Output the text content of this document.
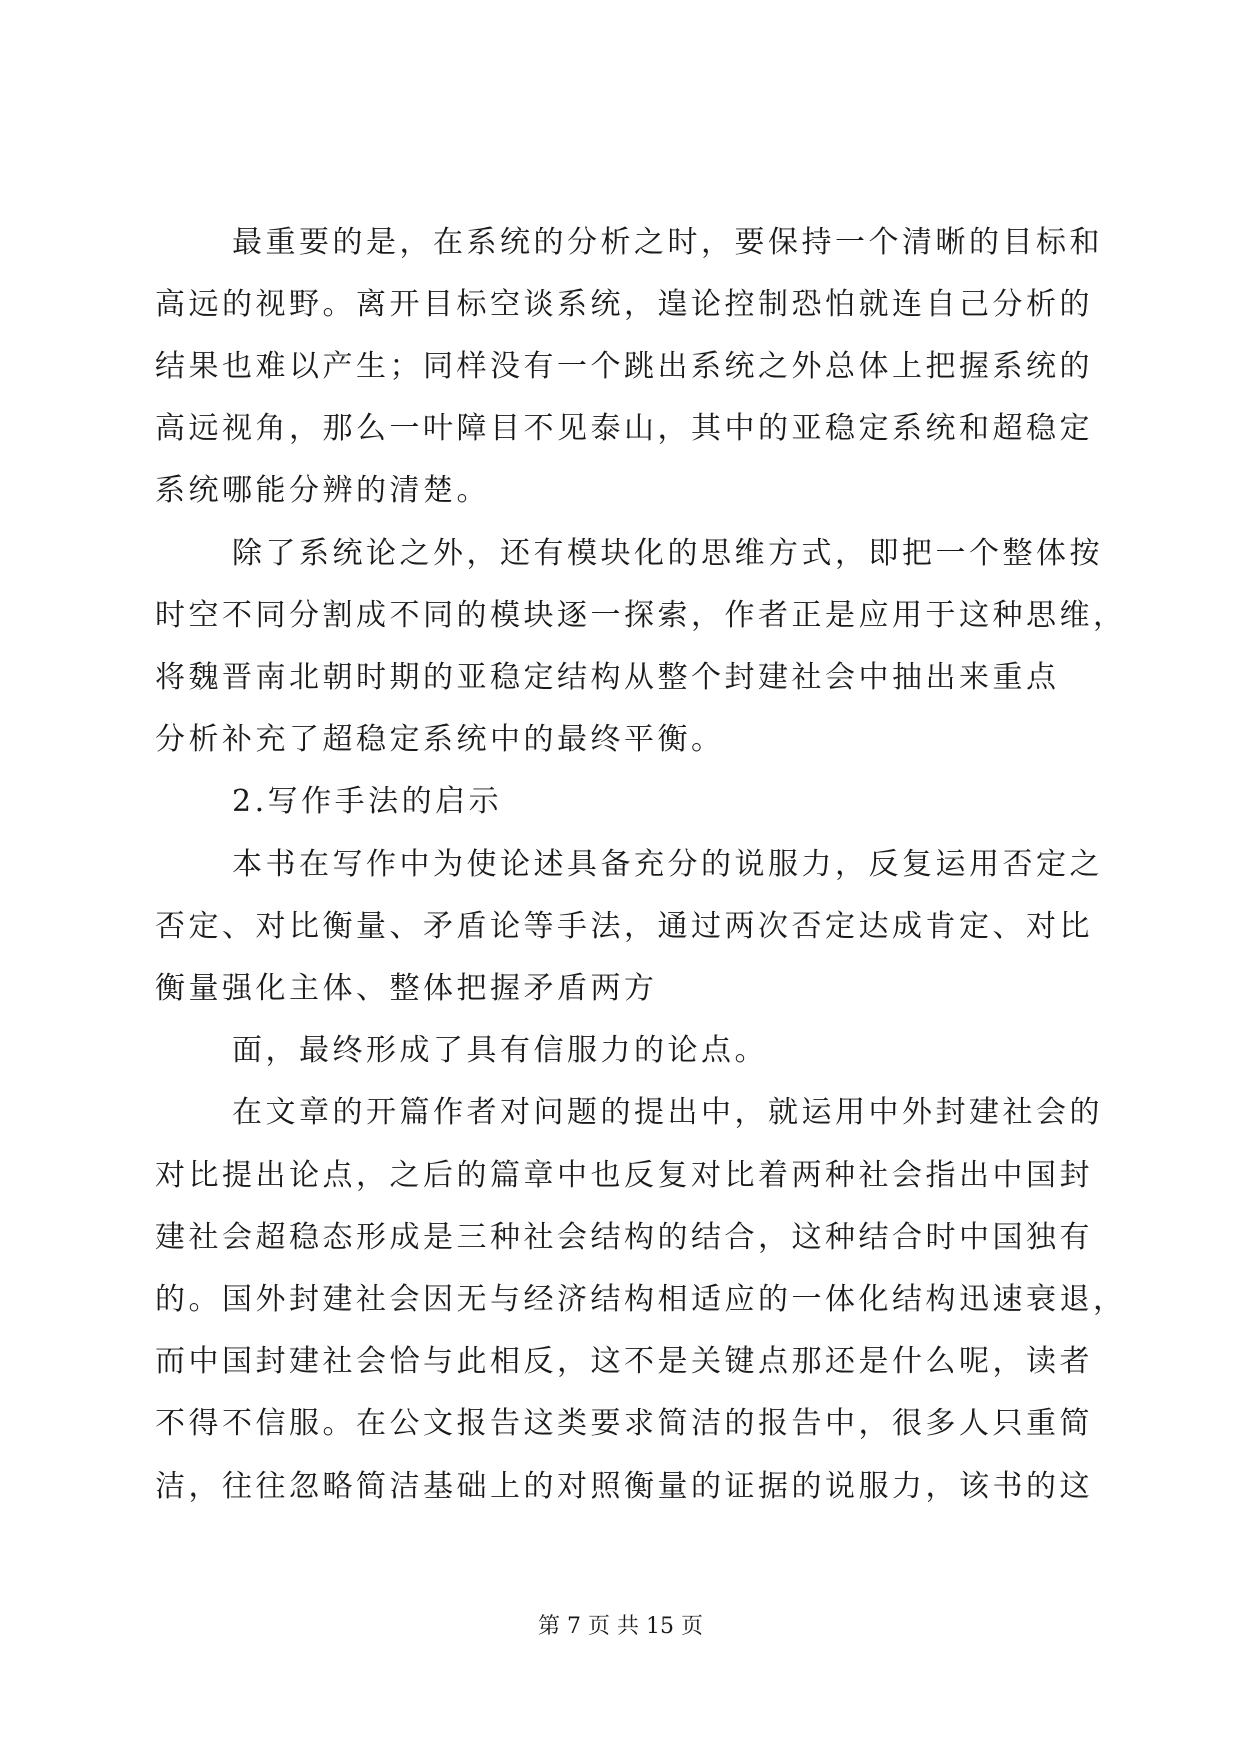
最重要的是，在系统的分析之时，要保持一个清晰的目标和
高远的视野。离开目标空谈系统，遑论控制恐怕就连自己分析的
结果也难以产生；同样没有一个跳出系统之外总体上把握系统的
高远视角，那么一叶障目不见泰山，其中的亚稳定系统和超稳定
系统哪能分辨的清楚。
除了系统论之外，还有模块化的思维方式，即把一个整体按
时空不同分割成不同的模块逐一探索，作者正是应用于这种思维，
将魏晋南北朝时期的亚稳定结构从整个封建社会中抽出来重点
分析补充了超稳定系统中的最终平衡。
2.写作手法的启示
本书在写作中为使论述具备充分的说服力，反复运用否定之
否定、对比衡量、矛盾论等手法，通过两次否定达成肯定、对比
衡量强化主体、整体把握矛盾两方
面，最终形成了具有信服力的论点。
在文章的开篇作者对问题的提出中，就运用中外封建社会的
对比提出论点，之后的篇章中也反复对比着两种社会指出中国封
建社会超稳态形成是三种社会结构的结合，这种结合时中国独有
的。国外封建社会因无与经济结构相适应的一体化结构迅速衰退，
而中国封建社会恰与此相反，这不是关键点那还是什么呢，读者
不得不信服。在公文报告这类要求简洁的报告中，很多人只重简
洁，往往忽略简洁基础上的对照衡量的证据的说服力，该书的这
第 7 页 共 15 页
